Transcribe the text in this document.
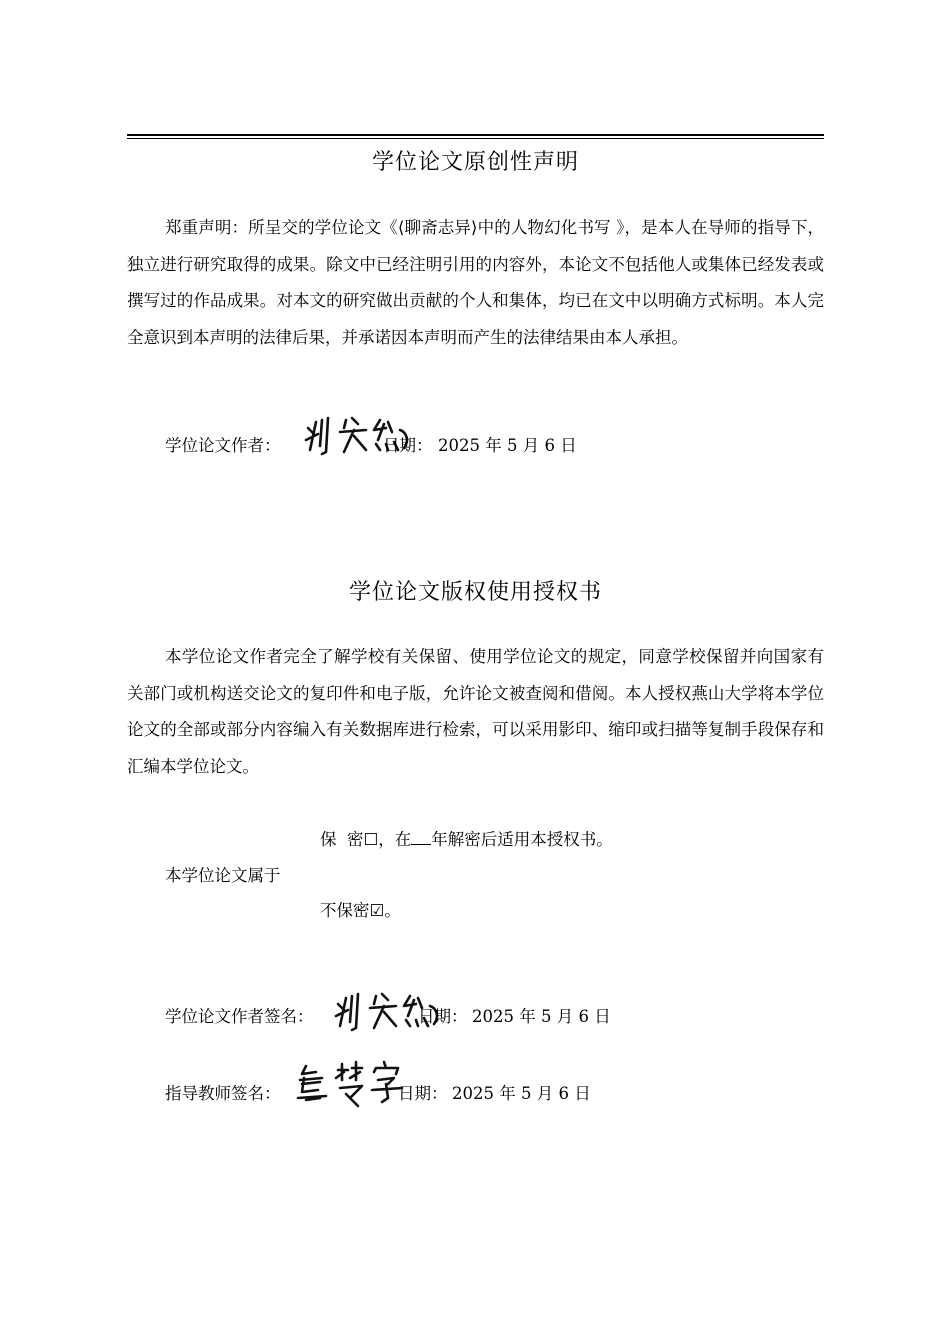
学位论文原创性声明

郑重声明：所呈交的学位论文《⟨聊斋志异⟩中的人物幻化书写 》，是本人在导师的指导下，独立进行研究取得的成果。除文中已经注明引用的内容外，本论文不包括他人或集体已经发表或撰写过的作品成果。对本文的研究做出贡献的个人和集体，均已在文中以明确方式标明。本人完全意识到本声明的法律后果，并承诺因本声明而产生的法律结果由本人承担。

学位论文作者：	日期： 2025 年 5 月 6 日
学位论文版权使用授权书

本学位论文作者完全了解学校有关保留、使用学位论文的规定，同意学校保留并向国家有关部门或机构送交论文的复印件和电子版，允许论文被查阅和借阅。本人授权燕山大学将本学位论文的全部或部分内容编入有关数据库进行检索，可以采用影印、缩印或扫描等复制手段保存和汇编本学位论文。

保  密☐，在 年解密后适用本授权书。
本学位论文属于
不保密☑。
学位论文作者签名：	日期： 2025 年 5 月 6 日
指导教师签名：	日期： 2025 年 5 月 6 日
